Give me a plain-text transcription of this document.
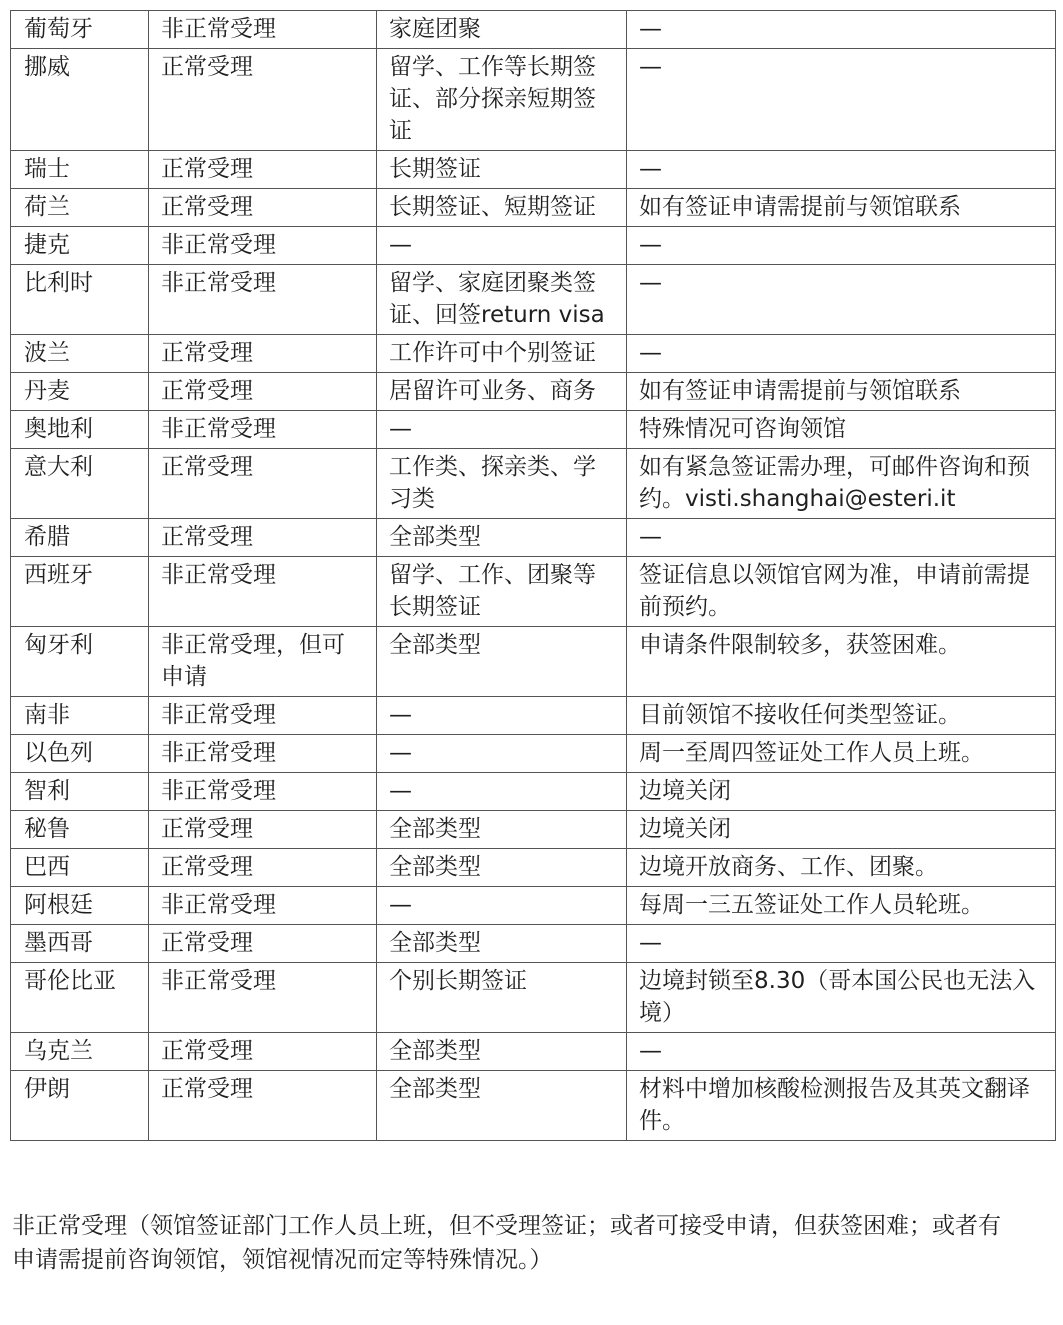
葡萄牙	非正常受理	家庭团聚	—
挪威	正常受理	留学、工作等长期签证、部分探亲短期签证	—
瑞士	正常受理	长期签证	—
荷兰	正常受理	长期签证、短期签证	如有签证申请需提前与领馆联系
捷克	非正常受理	—	—
比利时	非正常受理	留学、家庭团聚类签证、回签return visa	—
波兰	正常受理	工作许可中个别签证	—
丹麦	正常受理	居留许可业务、商务	如有签证申请需提前与领馆联系
奥地利	非正常受理	—	特殊情况可咨询领馆
意大利	正常受理	工作类、探亲类、学习类	如有紧急签证需办理，可邮件咨询和预约。visti.shanghai@esteri.it
希腊	正常受理	全部类型	—
西班牙	非正常受理	留学、工作、团聚等长期签证	签证信息以领馆官网为准，申请前需提前预约。
匈牙利	非正常受理，但可申请	全部类型	申请条件限制较多，获签困难。
南非	非正常受理	—	目前领馆不接收任何类型签证。
以色列	非正常受理	—	周一至周四签证处工作人员上班。
智利	非正常受理	—	边境关闭
秘鲁	正常受理	全部类型	边境关闭
巴西	正常受理	全部类型	边境开放商务、工作、团聚。
阿根廷	非正常受理	—	每周一三五签证处工作人员轮班。
墨西哥	正常受理	全部类型	—
哥伦比亚	非正常受理	个别长期签证	边境封锁至8.30（哥本国公民也无法入境）
乌克兰	正常受理	全部类型	—
伊朗	正常受理	全部类型	材料中增加核酸检测报告及其英文翻译件。
非正常受理（领馆签证部门工作人员上班，但不受理签证；或者可接受申请，但获签困难；或者有申请需提前咨询领馆，领馆视情况而定等特殊情况。）
